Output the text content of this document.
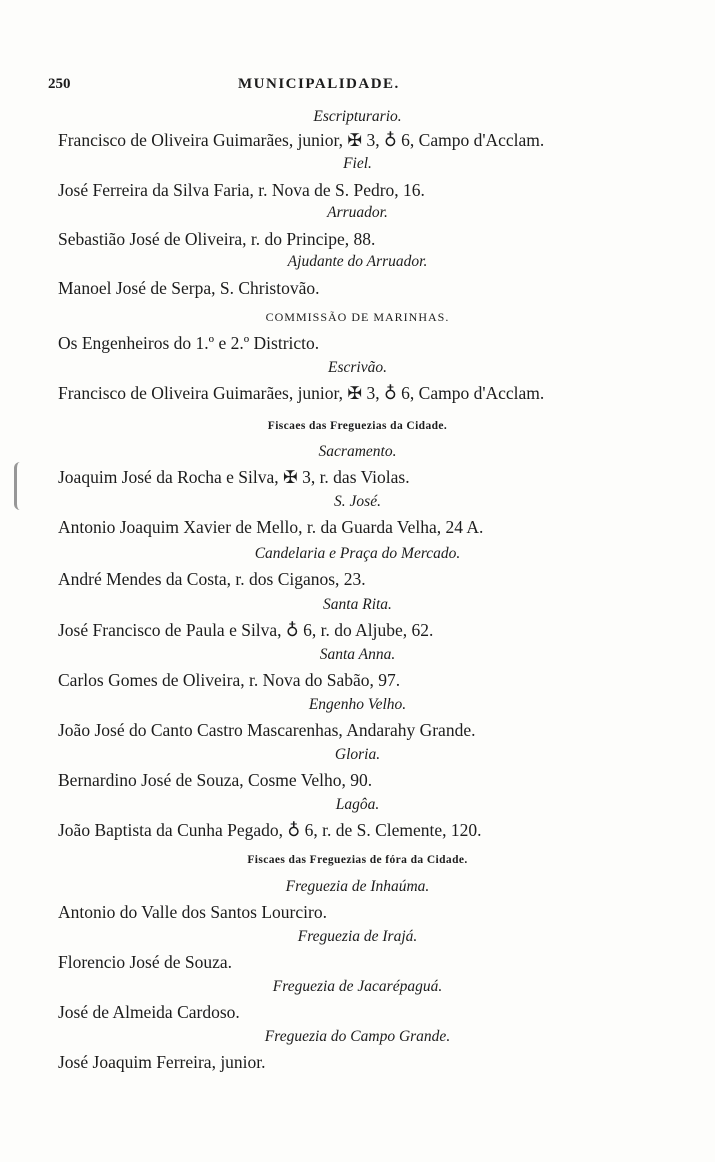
250	MUNICIPALIDADE.
Escripturario.
Francisco de Oliveira Guimarães, junior, ✠ 3, ♁ 6, Campo d'Acclam.
Fiel.
José Ferreira da Silva Faria, r. Nova de S. Pedro, 16.
Arruador.
Sebastião José de Oliveira, r. do Principe, 88.
Ajudante do Arruador.
Manoel José de Serpa, S. Christovão.
COMMISSÃO DE MARINHAS.
Os Engenheiros do 1.º e 2.º Districto.
Escrivão.
Francisco de Oliveira Guimarães, junior, ✠ 3, ♁ 6, Campo d'Acclam.
Fiscaes das Freguezias da Cidade.
Sacramento.
Joaquim José da Rocha e Silva, ✠ 3, r. das Violas.
S. José.
Antonio Joaquim Xavier de Mello, r. da Guarda Velha, 24 A.
Candelaria e Praça do Mercado.
André Mendes da Costa, r. dos Ciganos, 23.
Santa Rita.
José Francisco de Paula e Silva, ♁ 6, r. do Aljube, 62.
Santa Anna.
Carlos Gomes de Oliveira, r. Nova do Sabão, 97.
Engenho Velho.
João José do Canto Castro Mascarenhas, Andarahy Grande.
Gloria.
Bernardino José de Souza, Cosme Velho, 90.
Lagôa.
João Baptista da Cunha Pegado, ♁ 6, r. de S. Clemente, 120.
Fiscaes das Freguezias de fóra da Cidade.
Freguezia de Inhaúma.
Antonio do Valle dos Santos Lourciro.
Freguezia de Irajá.
Florencio José de Souza.
Freguezia de Jacarépaguá.
José de Almeida Cardoso.
Freguezia do Campo Grande.
José Joaquim Ferreira, junior.
